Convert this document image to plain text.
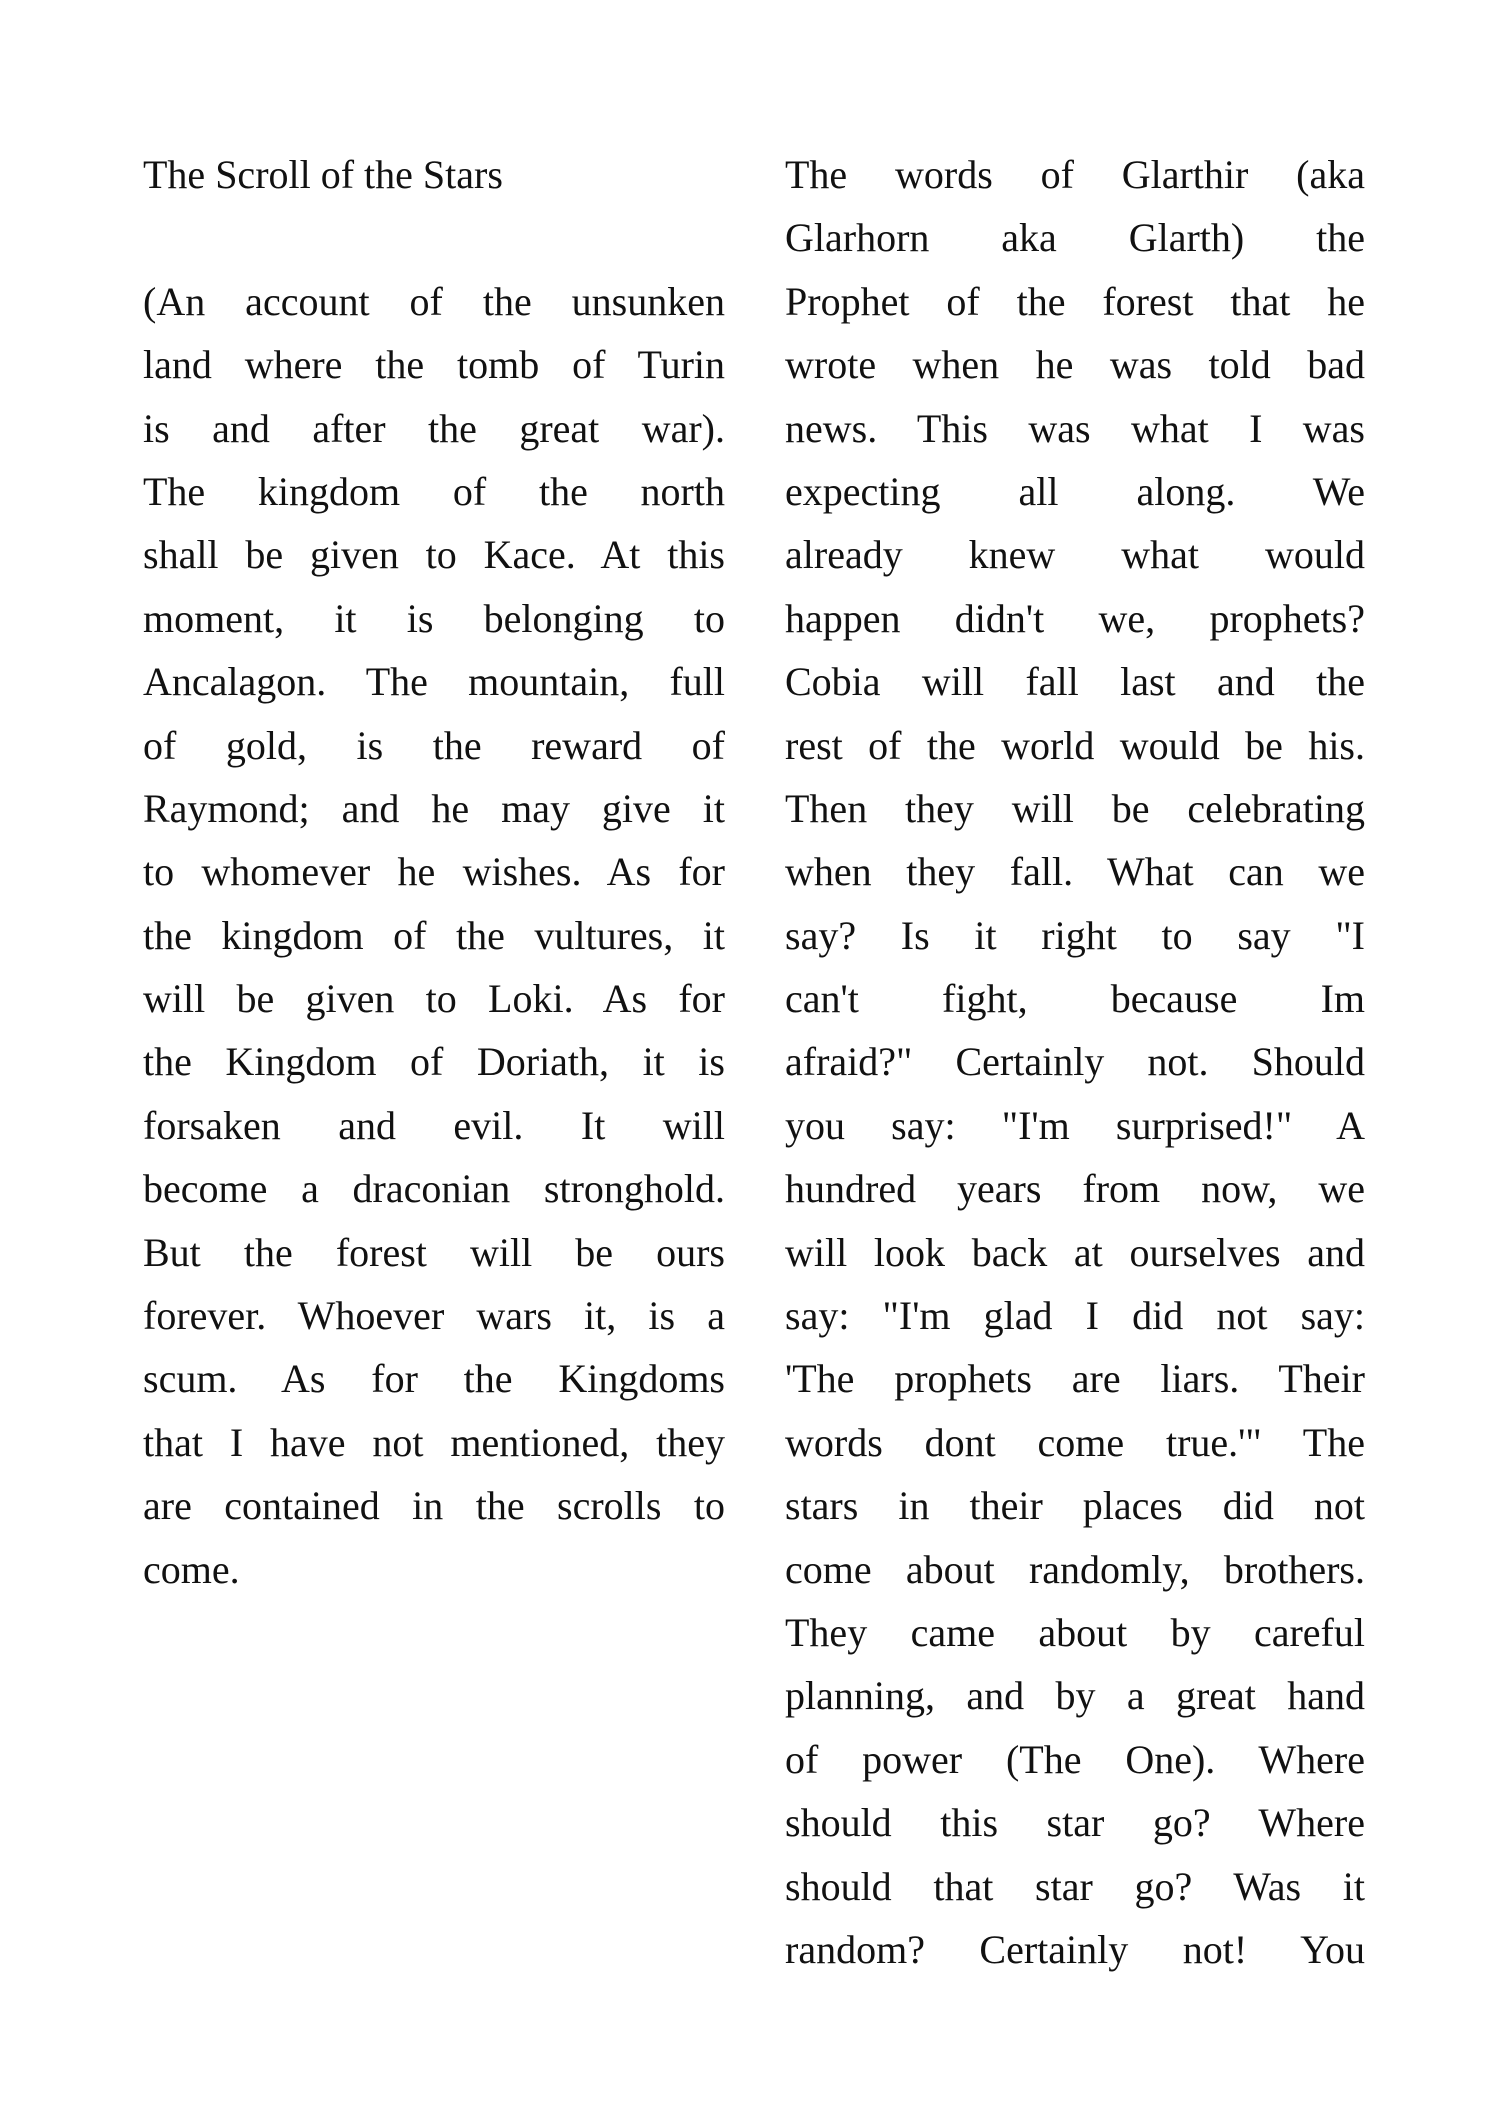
The Scroll of the Stars
(An account of the unsunken
land where the tomb of Turin
is and after the great war).
The kingdom of the north
shall be given to Kace. At this
moment, it is belonging to
Ancalagon. The mountain, full
of gold, is the reward of
Raymond; and he may give it
to whomever he wishes. As for
the kingdom of the vultures, it
will be given to Loki. As for
the Kingdom of Doriath, it is
forsaken and evil. It will
become a draconian stronghold.
But the forest will be ours
forever. Whoever wars it, is a
scum. As for the Kingdoms
that I have not mentioned, they
are contained in the scrolls to
come.
The words of Glarthir (aka
Glarhorn aka Glarth) the
Prophet of the forest that he
wrote when he was told bad
news. This was what I was
expecting all along. We
already knew what would
happen didn't we, prophets?
Cobia will fall last and the
rest of the world would be his.
Then they will be celebrating
when they fall. What can we
say? Is it right to say "I
can't fight, because Im
afraid?" Certainly not. Should
you say: "I'm surprised!" A
hundred years from now, we
will look back at ourselves and
say: "I'm glad I did not say:
'The prophets are liars. Their
words dont come true.'" The
stars in their places did not
come about randomly, brothers.
They came about by careful
planning, and by a great hand
of power (The One). Where
should this star go? Where
should that star go? Was it
random? Certainly not! You
